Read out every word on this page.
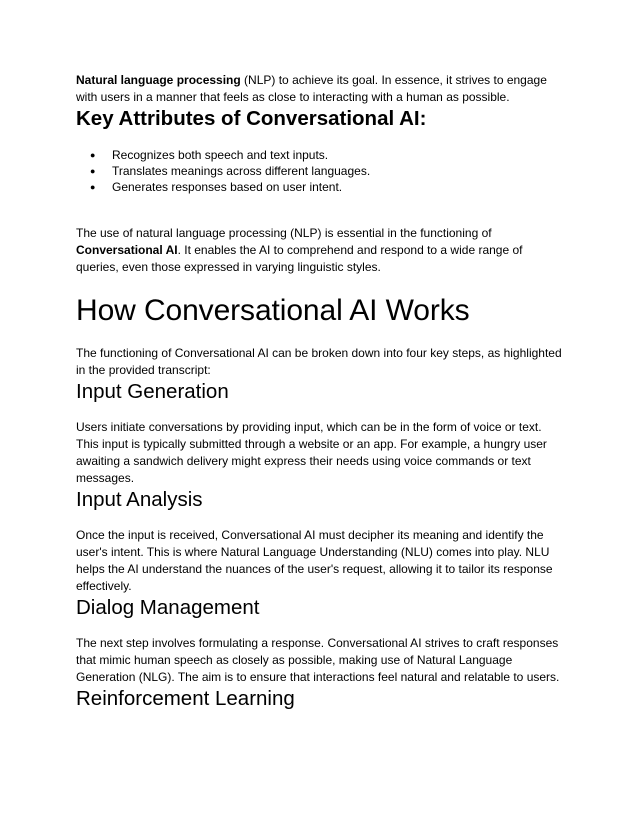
Natural language processing (NLP) to achieve its goal. In essence, it strives to engage with users in a manner that feels as close to interacting with a human as possible.

Key Attributes of Conversational AI:
● Recognizes both speech and text inputs.
● Translates meanings across different languages.
● Generates responses based on user intent.

The use of natural language processing (NLP) is essential in the functioning of Conversational AI. It enables the AI to comprehend and respond to a wide range of queries, even those expressed in varying linguistic styles.

How Conversational AI Works

The functioning of Conversational AI can be broken down into four key steps, as highlighted in the provided transcript:

Input Generation

Users initiate conversations by providing input, which can be in the form of voice or text. This input is typically submitted through a website or an app. For example, a hungry user awaiting a sandwich delivery might express their needs using voice commands or text messages.

Input Analysis

Once the input is received, Conversational AI must decipher its meaning and identify the user's intent. This is where Natural Language Understanding (NLU) comes into play. NLU helps the AI understand the nuances of the user's request, allowing it to tailor its response effectively.

Dialog Management

The next step involves formulating a response. Conversational AI strives to craft responses that mimic human speech as closely as possible, making use of Natural Language Generation (NLG). The aim is to ensure that interactions feel natural and relatable to users.

Reinforcement Learning
